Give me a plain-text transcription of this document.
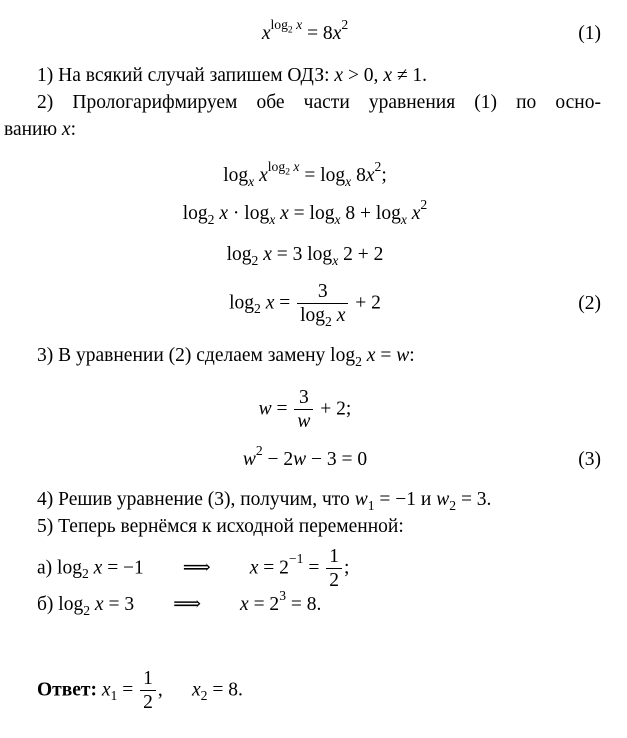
$x^{log_2 x} = 8x^2$
1) На всякий случай запишем ОДЗ: x > 0, x ≠ 1.
2) Прологарифмируем обе части уравнения (1) по осно-
ванию x:
$\log_x x^{log_2 x} = \log_x 8x^2$;
$\log_2 x \cdot \log_x x = \log_x 8 + \log_x x^2$
$\log_2 x = 3$ $\log_x 2 + 2$
$\log_2 x = \frac{3}{\log_2 x} + 2$
3) В уравнении (2) сделаем замену $\log_2 x = w$:
$w = \frac{3}{w} + 2$;
$w^2 - 2w - 3 = 0$
4) Решив уравнение (3), получим, что $w_1 = -1$ и $w_2 = 3$.
5) Теперь вернёмся к исходной переменной:
а) $\log_2 x = -1$  ⟹  $x = 2^{-1} = \frac{1}{2}$ ;
б) $\log_2 x = 3$  ⟹  $x = 2^3 = 8$.
Ответ: $x_1 = \frac{1}{2}$ ,  $x_2 = 8$.
(1)
(2)
(3)
